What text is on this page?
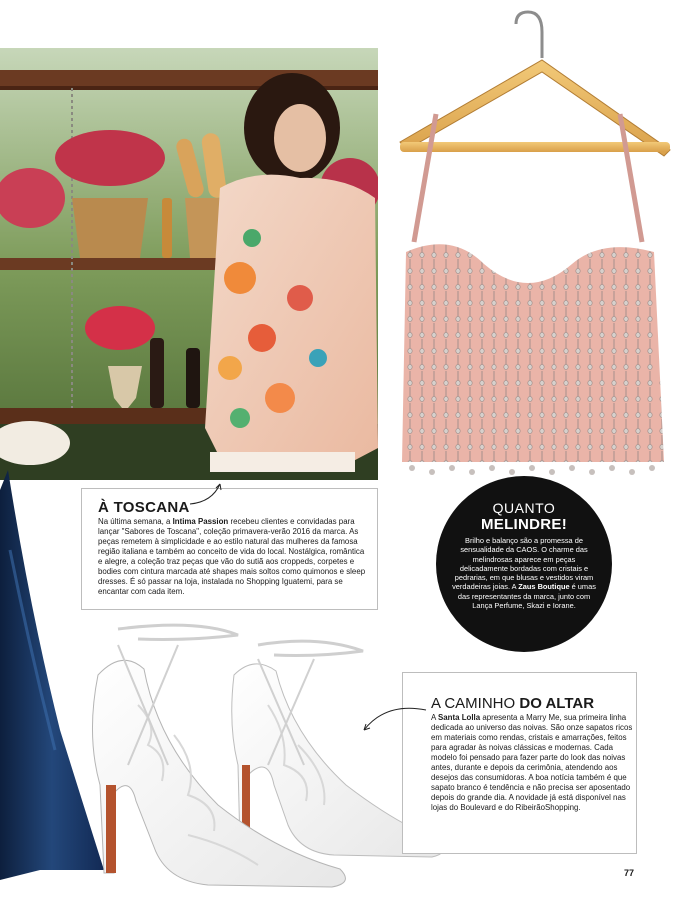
À TOSCANA
Na última semana, a Intima Passion recebeu clientes e convidadas para lançar "Sabores de Toscana", coleção primavera-verão 2016 da marca. As peças remetem à simplicidade e ao estilo natural das mulheres da famosa região italiana e também ao conceito de vida do local. Nostálgica, romântica e alegre, a coleção traz peças que vão do sutiã aos croppeds, corpetes e bodies com cintura marcada até shapes mais soltos como quimonos e sleep dresses. É só passar na loja, instalada no Shopping Iguatemi, para se encantar com cada item.
QUANTO
MELINDRE!
Brilho e balanço são a promessa de sensualidade da CAOS. O charme das melindrosas aparece em peças delicadamente bordadas com cristais e pedrarias, em que blusas e vestidos viram verdadeiras joias. A Zaus Boutique é umas das representantes da marca, junto com Lança Perfume, Skazi e Iorane.
A CAMINHO DO ALTAR
A Santa Lolla apresenta a Marry Me, sua primeira linha dedicada ao universo das noivas. São onze sapatos ricos em materiais como rendas, cristais e amarrações, feitos para agradar às noivas clássicas e modernas. Cada modelo foi pensado para fazer parte do look das noivas antes, durante e depois da cerimônia, atendendo aos desejos das consumidoras. A boa notícia também é que sapato branco é tendência e não precisa ser aposentado depois do grande dia. A novidade já está disponível nas lojas do Boulevard e do RibeirãoShopping.
77
